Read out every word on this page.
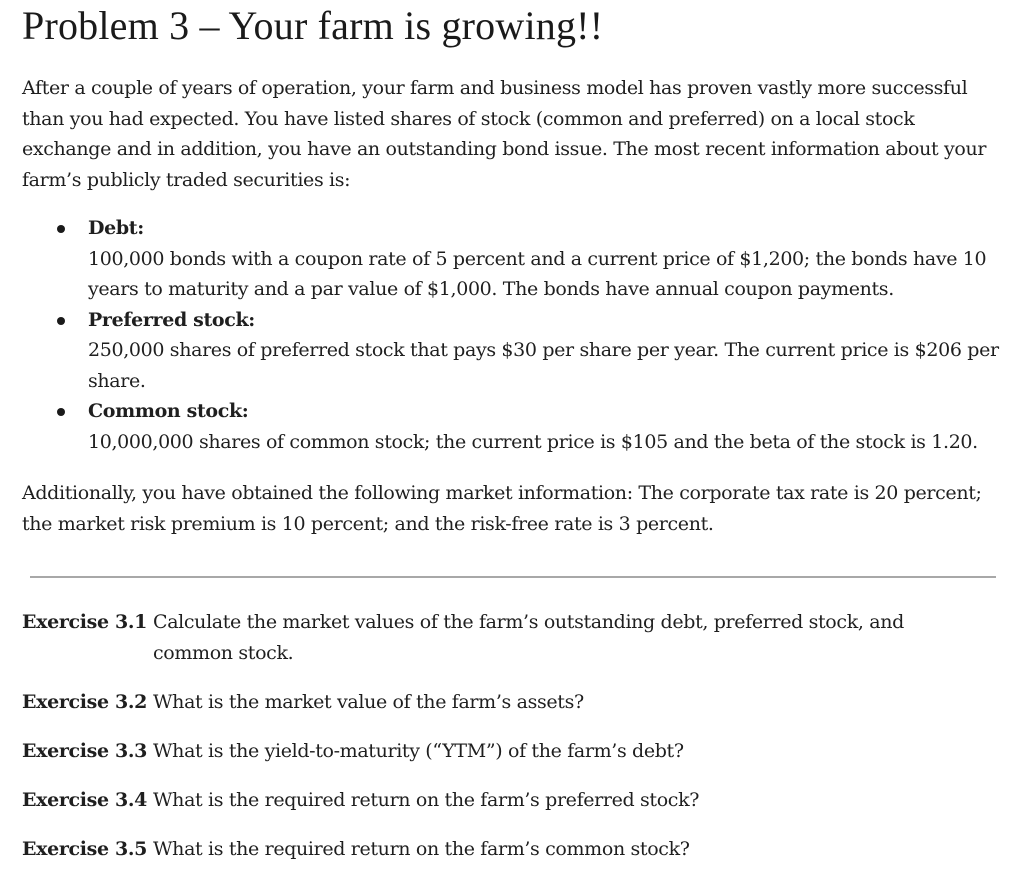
Problem 3 – Your farm is growing!!

After a couple of years of operation, your farm and business model has proven vastly more successful than you had expected. You have listed shares of stock (common and preferred) on a local stock exchange and in addition, you have an outstanding bond issue. The most recent information about your farm’s publicly traded securities is:

Debt:
100,000 bonds with a coupon rate of 5 percent and a current price of $1,200; the bonds have 10 years to maturity and a par value of $1,000. The bonds have annual coupon payments.
Preferred stock:
250,000 shares of preferred stock that pays $30 per share per year. The current price is $206 per share.
Common stock:
10,000,000 shares of common stock; the current price is $105 and the beta of the stock is 1.20.

Additionally, you have obtained the following market information: The corporate tax rate is 20 percent; the market risk premium is 10 percent; and the risk-free rate is 3 percent.

Exercise 3.1 Calculate the market values of the farm’s outstanding debt, preferred stock, and common stock.
Exercise 3.2 What is the market value of the farm’s assets?
Exercise 3.3 What is the yield-to-maturity (“YTM”) of the farm’s debt?
Exercise 3.4 What is the required return on the farm’s preferred stock?
Exercise 3.5 What is the required return on the farm’s common stock?
